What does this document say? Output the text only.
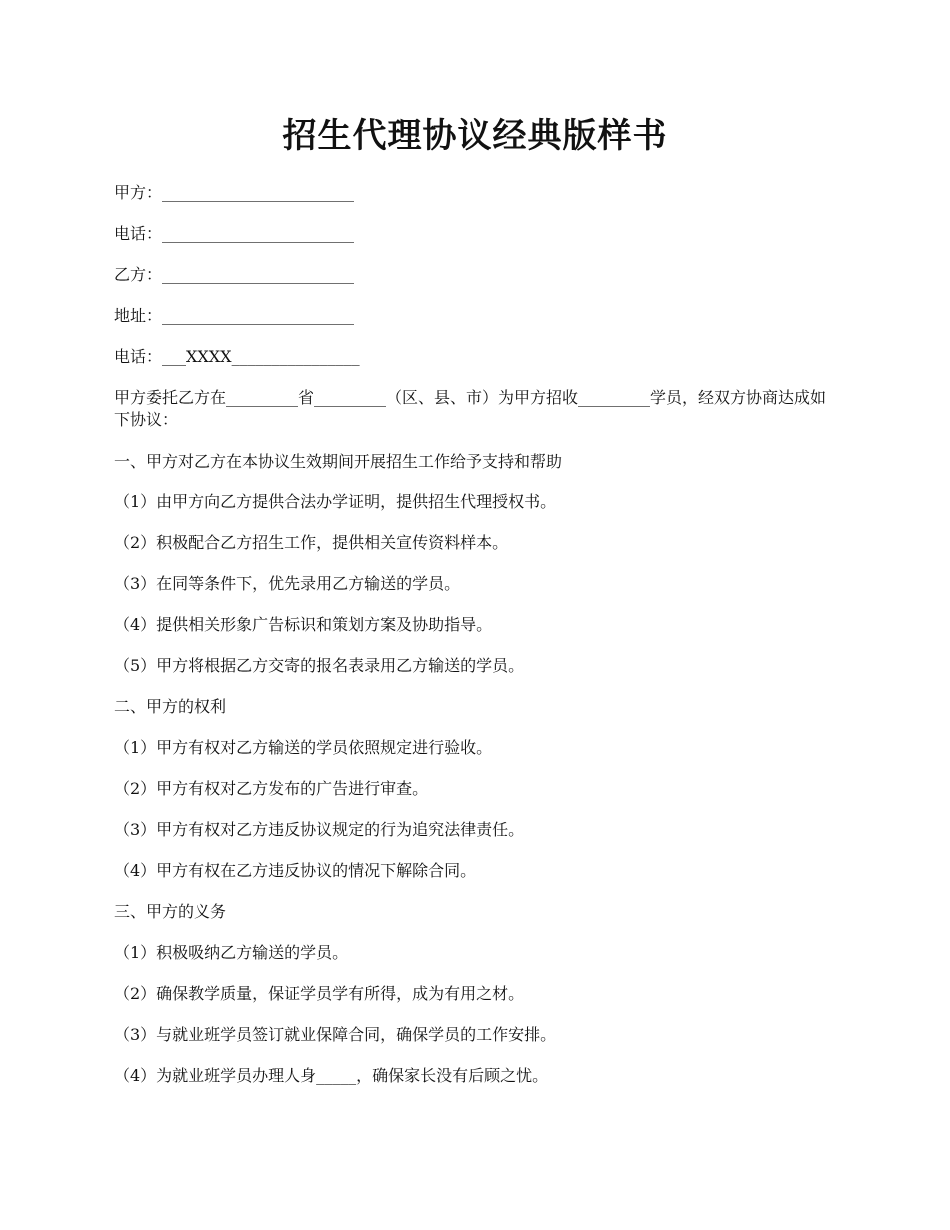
招生代理协议经典版样书
甲方：________________________
电话：________________________
乙方：________________________
地址：________________________
电话：___XXXX________________
甲方委托乙方在_________省_________（区、县、市）为甲方招收_________学员，经双方协商达成如下协议：
一、甲方对乙方在本协议生效期间开展招生工作给予支持和帮助
（1）由甲方向乙方提供合法办学证明，提供招生代理授权书。
（2）积极配合乙方招生工作，提供相关宣传资料样本。
（3）在同等条件下，优先录用乙方输送的学员。
（4）提供相关形象广告标识和策划方案及协助指导。
（5）甲方将根据乙方交寄的报名表录用乙方输送的学员。
二、甲方的权利
（1）甲方有权对乙方输送的学员依照规定进行验收。
（2）甲方有权对乙方发布的广告进行审查。
（3）甲方有权对乙方违反协议规定的行为追究法律责任。
（4）甲方有权在乙方违反协议的情况下解除合同。
三、甲方的义务
（1）积极吸纳乙方输送的学员。
（2）确保教学质量，保证学员学有所得，成为有用之材。
（3）与就业班学员签订就业保障合同，确保学员的工作安排。
（4）为就业班学员办理人身_____，确保家长没有后顾之忧。
